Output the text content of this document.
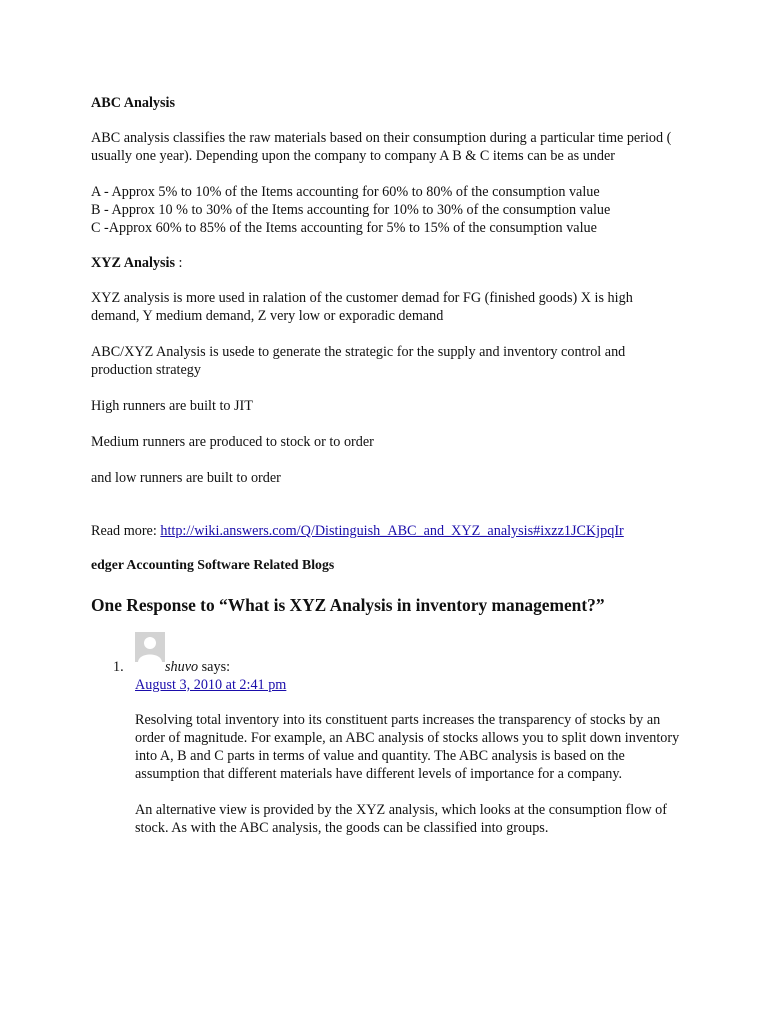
ABC Analysis

ABC analysis classifies the raw materials based on their consumption during a particular time period ( usually one year). Depending upon the company to company A B & C items can be as under

A - Approx 5% to 10% of the Items accounting for 60% to 80% of the consumption value

B - Approx 10 % to 30% of the Items accounting for 10% to 30% of the consumption value

C -Approx 60% to 85% of the Items accounting for 5% to 15% of the consumption value

XYZ Analysis :

XYZ analysis is more used in ralation of the customer demad for FG (finished goods) X is high demand, Y medium demand, Z very low or exporadic demand

ABC/XYZ Analysis is usede to generate the strategic for the supply and inventory control and production strategy

High runners are built to JIT

Medium runners are produced to stock or to order

and low runners are built to order

Read more: http://wiki.answers.com/Q/Distinguish_ABC_and_XYZ_analysis#ixzz1JCKjpqIr

edger Accounting Software Related Blogs

One Response to “What is XYZ Analysis in inventory management?”

1.	shuvo says:

August 3, 2010 at 2:41 pm

Resolving total inventory into its constituent parts increases the transparency of stocks by an order of magnitude. For example, an ABC analysis of stocks allows you to split down inventory into A, B and C parts in terms of value and quantity. The ABC analysis is based on the assumption that different materials have different levels of importance for a company.

An alternative view is provided by the XYZ analysis, which looks at the consumption flow of stock. As with the ABC analysis, the goods can be classified into groups.
